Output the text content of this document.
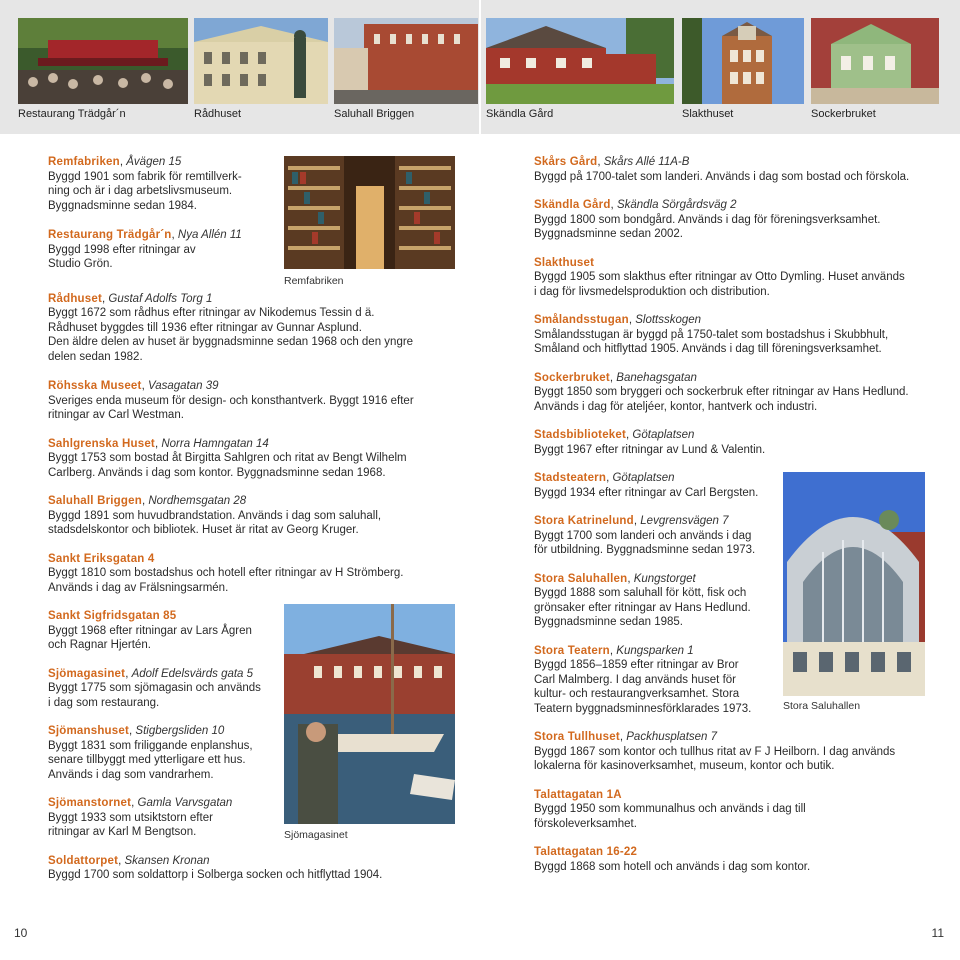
Restaurang Trädgår´n	Rådhuset	Saluhall Briggen	Skändla Gård	Slakthuset	Sockerbruket
Remfabriken
Sjömagasinet
Stora Saluhallen
Remfabriken, Åvägen 15
Byggd 1901 som fabrik för remtillverk-
ning och är i dag arbetslivsmuseum.
Byggnadsminne sedan 1984.
Restaurang Trädgår´n, Nya Allén 11
Byggd 1998 efter ritningar av
Studio Grön.
Rådhuset, Gustaf Adolfs Torg 1
Byggt 1672 som rådhus efter ritningar av Nikodemus Tessin d ä.
Rådhuset byggdes till 1936 efter ritningar av Gunnar Asplund.
Den äldre delen av huset är byggnadsminne sedan 1968 och den yngre
delen sedan 1982.
Röhsska Museet, Vasagatan 39
Sveriges enda museum för design- och konsthantverk. Byggt 1916 efter
ritningar av Carl Westman.
Sahlgrenska Huset, Norra Hamngatan 14
Byggt 1753 som bostad åt Birgitta Sahlgren och ritat av Bengt Wilhelm
Carlberg. Används i dag som kontor. Byggnadsminne sedan 1968.
Saluhall Briggen, Nordhemsgatan 28
Byggd 1891 som huvudbrandstation. Används i dag som saluhall,
stadsdelskontor och bibliotek. Huset är ritat av Georg Kruger.
Sankt Eriksgatan 4
Byggt 1810 som bostadshus och hotell efter ritningar av H Strömberg.
Används i dag av Frälsningsarmén.
Sankt Sigfridsgatan 85
Byggt 1968 efter ritningar av Lars Ågren
och Ragnar Hjertén.
Sjömagasinet, Adolf Edelsvärds gata 5
Byggt 1775 som sjömagasin och används
i dag som restaurang.
Sjömanshuset, Stigbergsliden 10
Byggt 1831 som friliggande enplanshus,
senare tillbyggt med ytterligare ett hus.
Används i dag som vandrarhem.
Sjömanstornet, Gamla Varvsgatan
Byggt 1933 som utsiktstorn efter
ritningar av Karl M Bengtson.
Soldattorpet, Skansen Kronan
Byggd 1700 som soldattorp i Solberga socken och hitflyttad 1904.
Skårs Gård, Skårs Allé 11A-B
Byggd på 1700-talet som landeri. Används i dag som bostad och förskola.
Skändla Gård, Skändla Sörgårdsväg 2
Byggd 1800 som bondgård. Används i dag för föreningsverksamhet.
Byggnadsminne sedan 2002.
Slakthuset
Byggd 1905 som slakthus efter ritningar av Otto Dymling. Huset används
i dag för livsmedelsproduktion och distribution.
Smålandsstugan, Slottsskogen
Smålandsstugan är byggd på 1750-talet som bostadshus i Skubbhult,
Småland och hitflyttad 1905. Används i dag till föreningsverksamhet.
Sockerbruket, Banehagsgatan
Byggt 1850 som bryggeri och sockerbruk efter ritningar av Hans Hedlund.
Används i dag för ateljéer, kontor, hantverk och industri.
Stadsbiblioteket, Götaplatsen
Byggt 1967 efter ritningar av Lund & Valentin.
Stadsteatern, Götaplatsen
Byggd 1934 efter ritningar av Carl Bergsten.
Stora Katrinelund, Levgrensvägen 7
Byggt 1700 som landeri och används i dag
för utbildning. Byggnadsminne sedan 1973.
Stora Saluhallen, Kungstorget
Byggd 1888 som saluhall för kött, fisk och
grönsaker efter ritningar av Hans Hedlund.
Byggnadsminne sedan 1985.
Stora Teatern, Kungsparken 1
Byggd 1856–1859 efter ritningar av Bror
Carl Malmberg. I dag används huset för
kultur- och restaurangverksamhet. Stora
Teatern byggnadsminnesförklarades 1973.
Stora Tullhuset, Packhusplatsen 7
Byggd 1867 som kontor och tullhus ritat av F J Heilborn. I dag används
lokalerna för kasinoverksamhet, museum, kontor och butik.
Talattagatan 1A
Byggd 1950 som kommunalhus och används i dag till
förskoleverksamhet.
Talattagatan 16-22
Byggd 1868 som hotell och används i dag som kontor.
10	11
